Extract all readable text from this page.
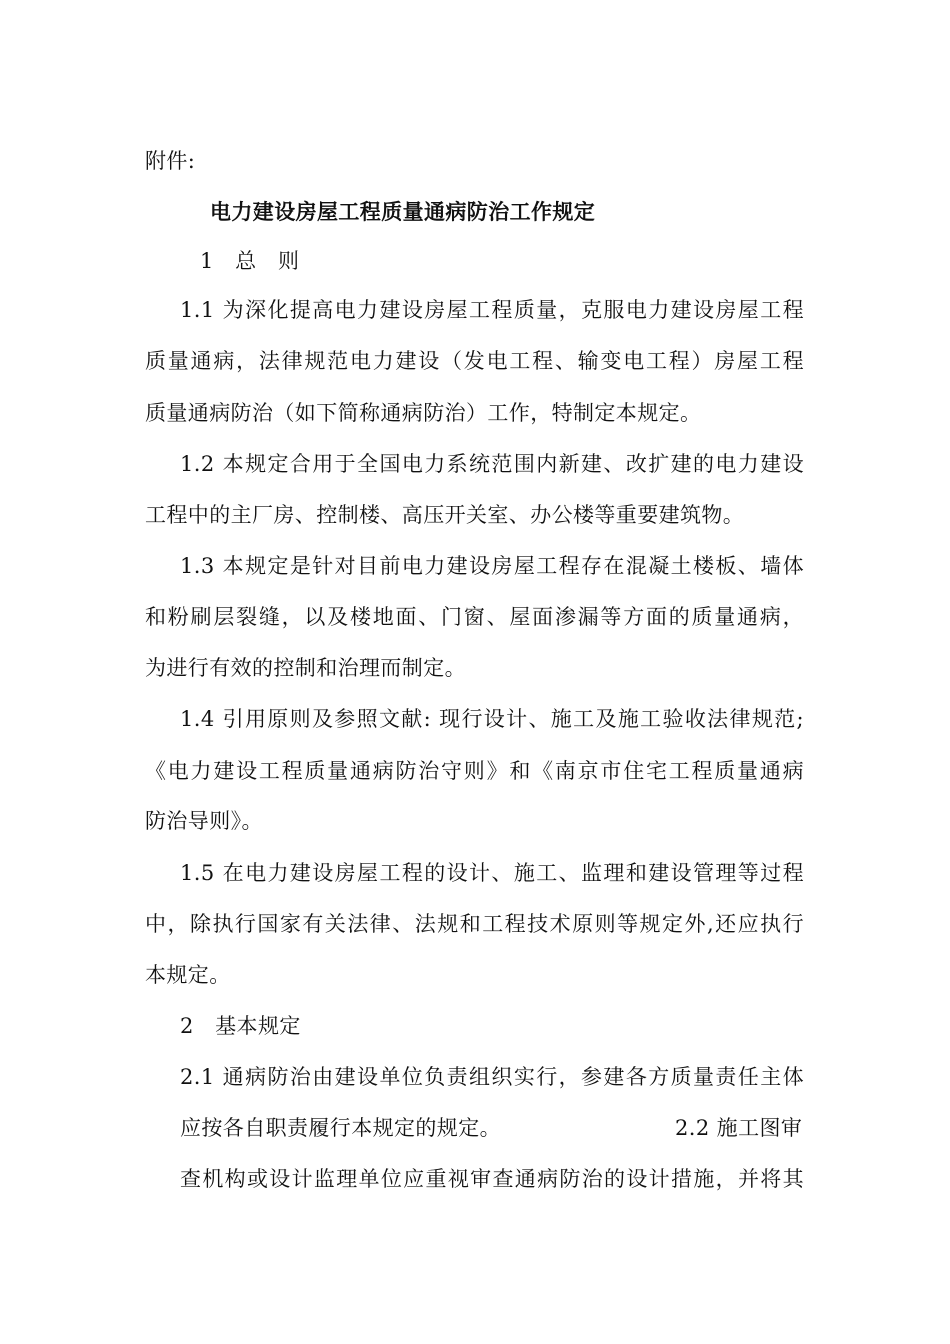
附件:
电力建设房屋工程质量通病防治工作规定
1　总　则
1.1 为深化提高电力建设房屋工程质量，克服电力建设房屋工程
质量通病，法律规范电力建设（发电工程、输变电工程）房屋工程
质量通病防治（如下简称通病防治）工作，特制定本规定。
1.2 本规定合用于全国电力系统范围内新建、改扩建的电力建设
工程中的主厂房、控制楼、高压开关室、办公楼等重要建筑物。
1.3 本规定是针对目前电力建设房屋工程存在混凝土楼板、墙体
和粉刷层裂缝，以及楼地面、门窗、屋面渗漏等方面的质量通病，
为进行有效的控制和治理而制定。
1.4 引用原则及参照文献: 现行设计、施工及施工验收法律规范;
《电力建设工程质量通病防治守则》和《南京市住宅工程质量通病
防治导则》。
1.5 在电力建设房屋工程的设计、施工、监理和建设管理等过程
中，除执行国家有关法律、法规和工程技术原则等规定外,还应执行
本规定。
2　基本规定
2.1 通病防治由建设单位负责组织实行，参建各方质量责任主体
应按各自职责履行本规定的规定。	2.2 施工图审
查机构或设计监理单位应重视审查通病防治的设计措施，并将其
